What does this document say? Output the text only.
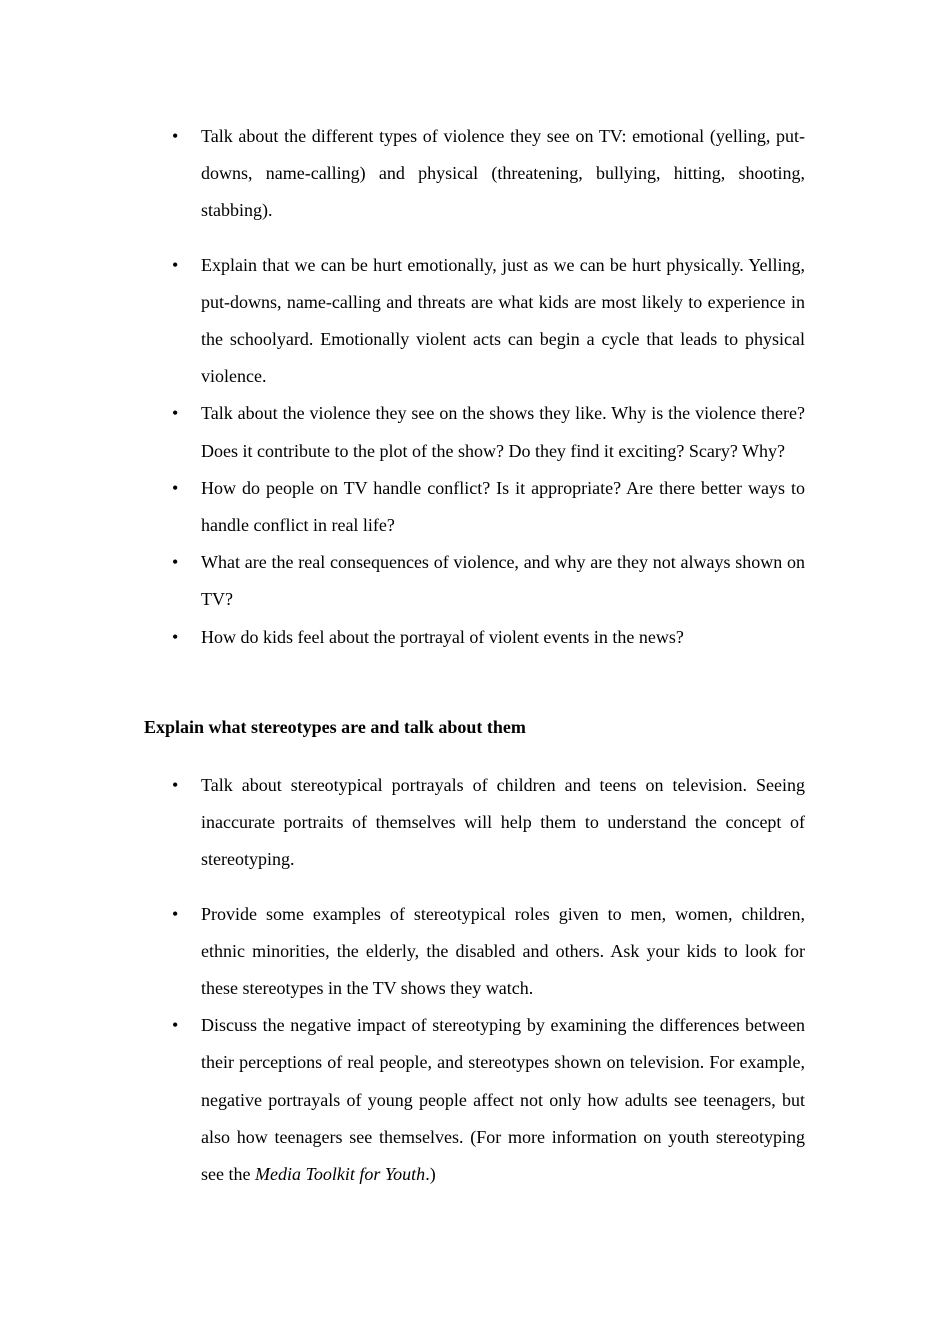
• Talk about the different types of violence they see on TV: emotional (yelling, put-downs, name-calling) and physical (threatening, bullying, hitting, shooting, stabbing).
• Explain that we can be hurt emotionally, just as we can be hurt physically. Yelling, put-downs, name-calling and threats are what kids are most likely to experience in the schoolyard. Emotionally violent acts can begin a cycle that leads to physical violence.
• Talk about the violence they see on the shows they like. Why is the violence there? Does it contribute to the plot of the show? Do they find it exciting? Scary? Why?
• How do people on TV handle conflict? Is it appropriate? Are there better ways to handle conflict in real life?
• What are the real consequences of violence, and why are they not always shown on TV?
• How do kids feel about the portrayal of violent events in the news?

Explain what stereotypes are and talk about them

• Talk about stereotypical portrayals of children and teens on television. Seeing inaccurate portraits of themselves will help them to understand the concept of stereotyping.
• Provide some examples of stereotypical roles given to men, women, children, ethnic minorities, the elderly, the disabled and others. Ask your kids to look for these stereotypes in the TV shows they watch.
• Discuss the negative impact of stereotyping by examining the differences between their perceptions of real people, and stereotypes shown on television. For example, negative portrayals of young people affect not only how adults see teenagers, but also how teenagers see themselves. (For more information on youth stereotyping see the Media Toolkit for Youth.)
